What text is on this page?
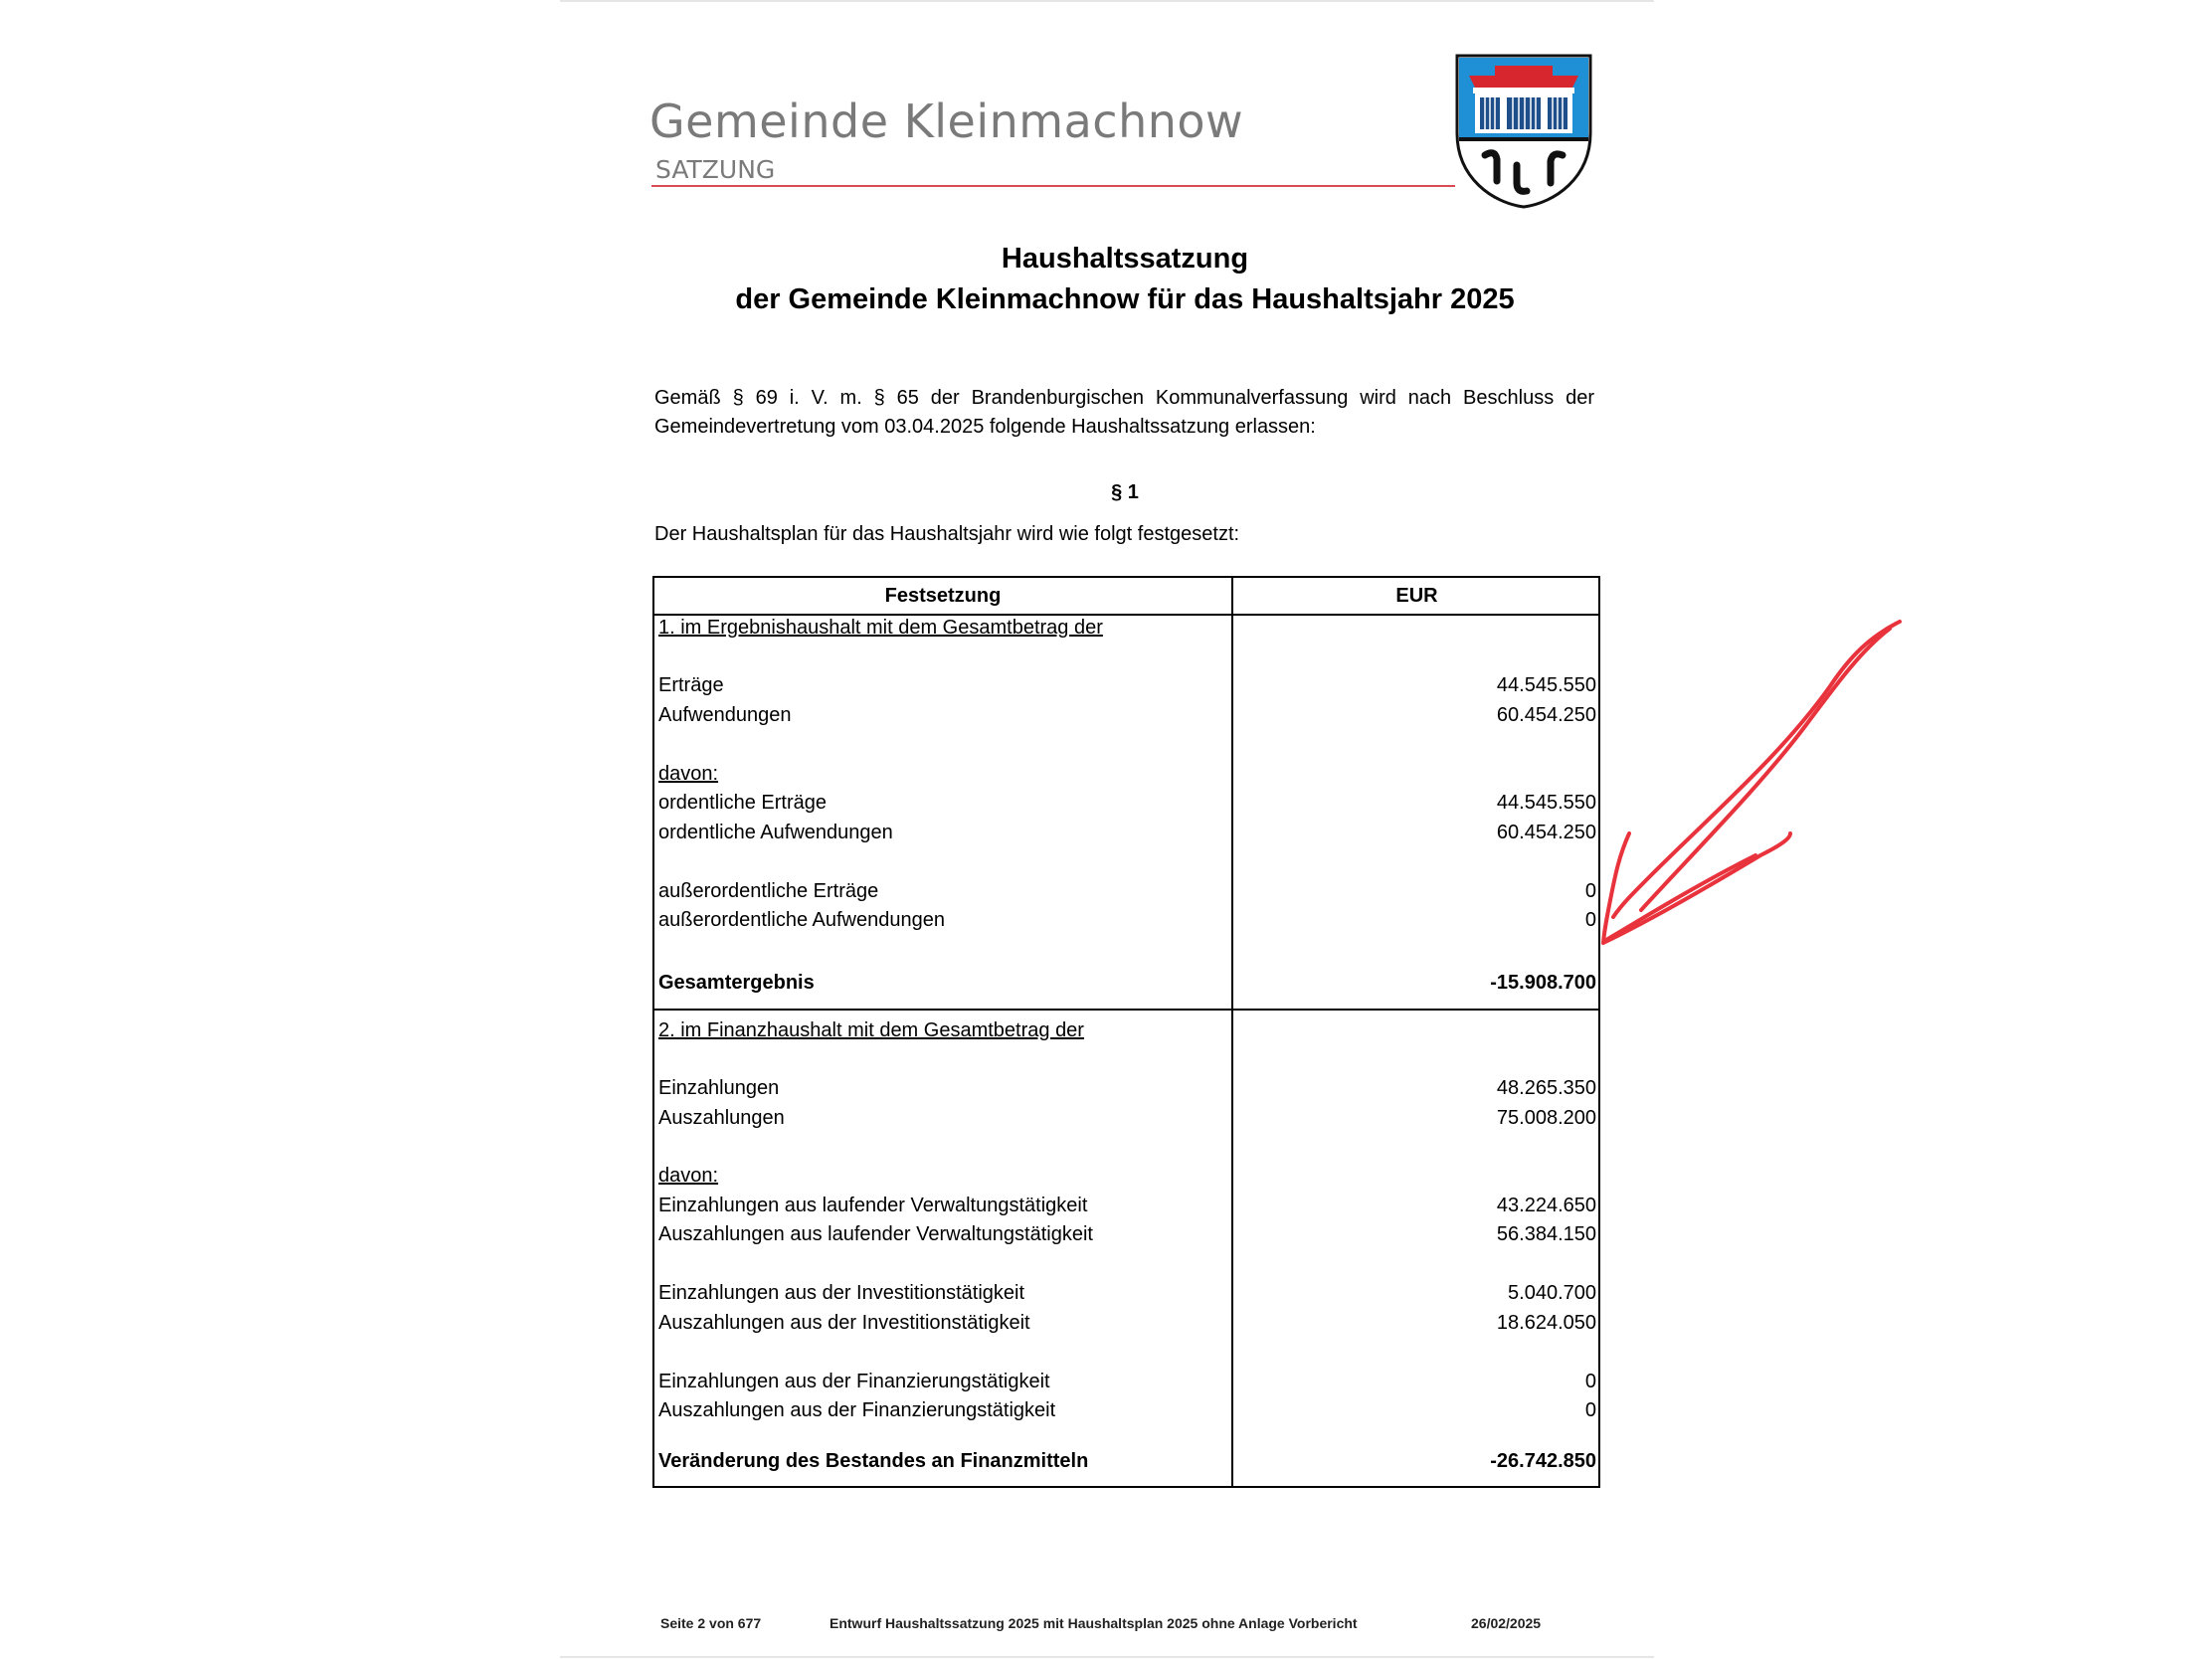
Gemeinde Kleinmachnow
SATZUNG
Haushaltssatzung
der Gemeinde Kleinmachnow für das Haushaltsjahr 2025
Gemäß § 69 i. V. m. § 65 der Brandenburgischen Kommunalverfassung wird nach Beschluss der Gemeindevertretung vom 03.04.2025 folgende Haushaltssatzung erlassen:
§ 1
Der Haushaltsplan für das Haushaltsjahr wird wie folgt festgesetzt:
Festsetzung	EUR
1. im Ergebnishaushalt mit dem Gesamtbetrag der
Erträge	44.545.550
Aufwendungen	60.454.250
davon:
ordentliche Erträge	44.545.550
ordentliche Aufwendungen	60.454.250
außerordentliche Erträge	0
außerordentliche Aufwendungen	0
Gesamtergebnis	-15.908.700
2. im Finanzhaushalt mit dem Gesamtbetrag der
Einzahlungen	48.265.350
Auszahlungen	75.008.200
davon:
Einzahlungen aus laufender Verwaltungstätigkeit	43.224.650
Auszahlungen aus laufender Verwaltungstätigkeit	56.384.150
Einzahlungen aus der Investitionstätigkeit	5.040.700
Auszahlungen aus der Investitionstätigkeit	18.624.050
Einzahlungen aus der Finanzierungstätigkeit	0
Auszahlungen aus der Finanzierungstätigkeit	0
Veränderung des Bestandes an Finanzmitteln	-26.742.850
Seite 2 von 677	Entwurf Haushaltssatzung 2025 mit Haushaltsplan 2025 ohne Anlage Vorbericht	26/02/2025
